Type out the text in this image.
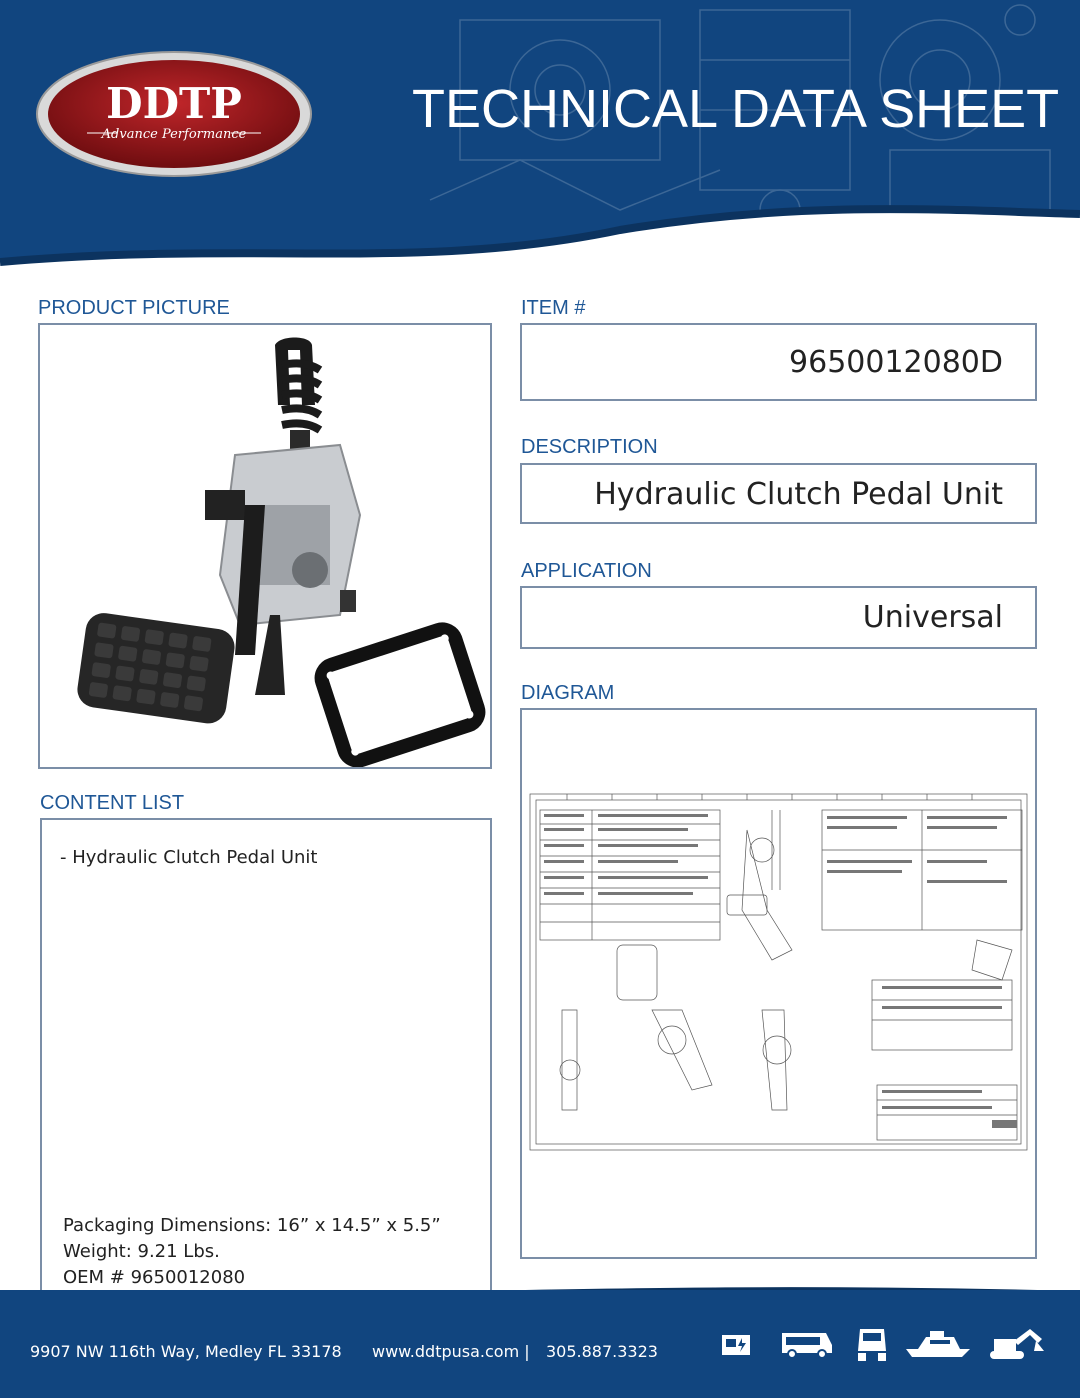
DDTP
Advance Performance	TECHNICAL DATA SHEET
PRODUCT PICTURE
CONTENT LIST
- Hydraulic Clutch Pedal Unit
Packaging Dimensions: 16” x 14.5” x 5.5”
Weight: 9.21 Lbs.
OEM # 9650012080
ITEM #
9650012080D
DESCRIPTION
Hydraulic Clutch Pedal Unit
APPLICATION
Universal
DIAGRAM
9907 NW 116th Way, Medley FL 33178 www.ddtpusa.com | 305.887.3323
